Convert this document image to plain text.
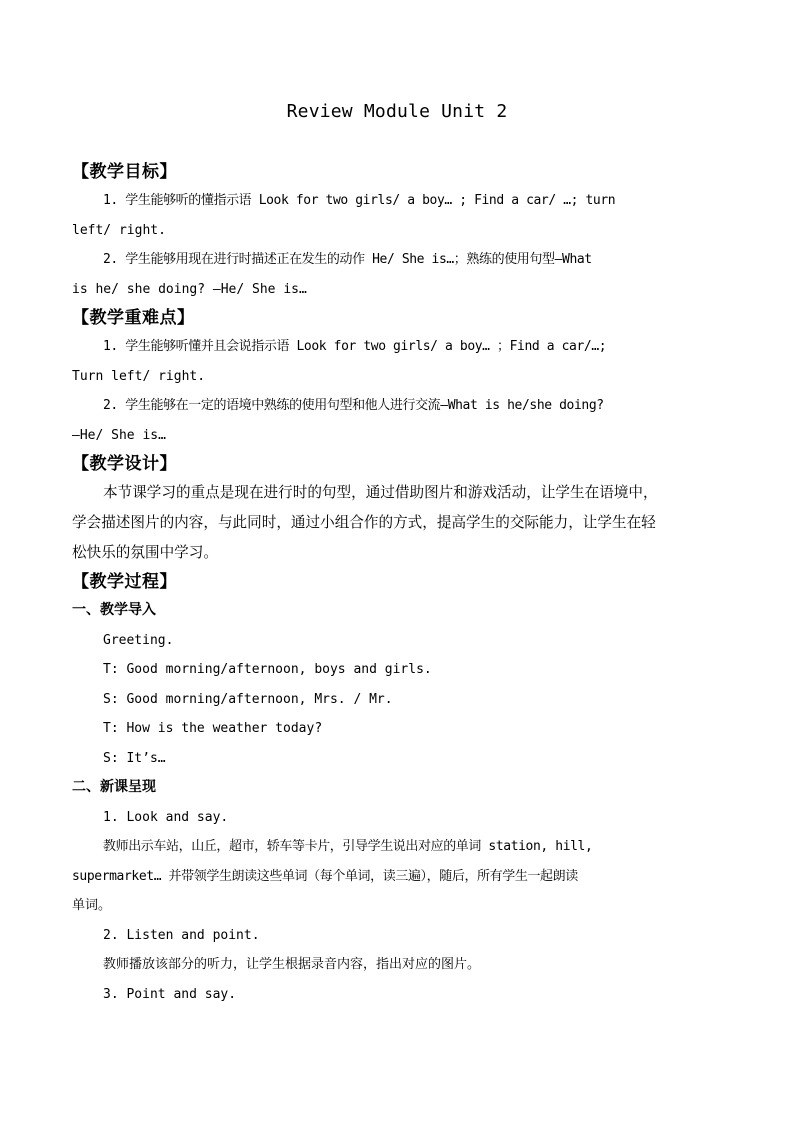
Review Module Unit 2
【教学目标】
1. 学生能够听的懂指示语 Look for two girls/ a boy… ; Find a car/ …; turn
left/ right.
2. 学生能够用现在进行时描述正在发生的动作 He/ She is…；熟练的使用句型—What
is he/ she doing? —He/ She is…
【教学重难点】
1. 学生能够听懂并且会说指示语 Look for two girls/ a boy… ；Find a car/…;
Turn left/ right.
2. 学生能够在一定的语境中熟练的使用句型和他人进行交流—What is he/she doing?
—He/ She is…
【教学设计】
本节课学习的重点是现在进行时的句型，通过借助图片和游戏活动，让学生在语境中，
学会描述图片的内容，与此同时，通过小组合作的方式，提高学生的交际能力，让学生在轻
松快乐的氛围中学习。
【教学过程】
一、教学导入
Greeting.
T: Good morning/afternoon, boys and girls.
S: Good morning/afternoon, Mrs. / Mr.
T: How is the weather today?
S: It’s…
二、新课呈现
1. Look and say.
教师出示车站，山丘，超市，轿车等卡片，引导学生说出对应的单词 station, hill,
supermarket… 并带领学生朗读这些单词（每个单词，读三遍），随后，所有学生一起朗读
单词。
2. Listen and point.
教师播放该部分的听力，让学生根据录音内容，指出对应的图片。
3. Point and say.
